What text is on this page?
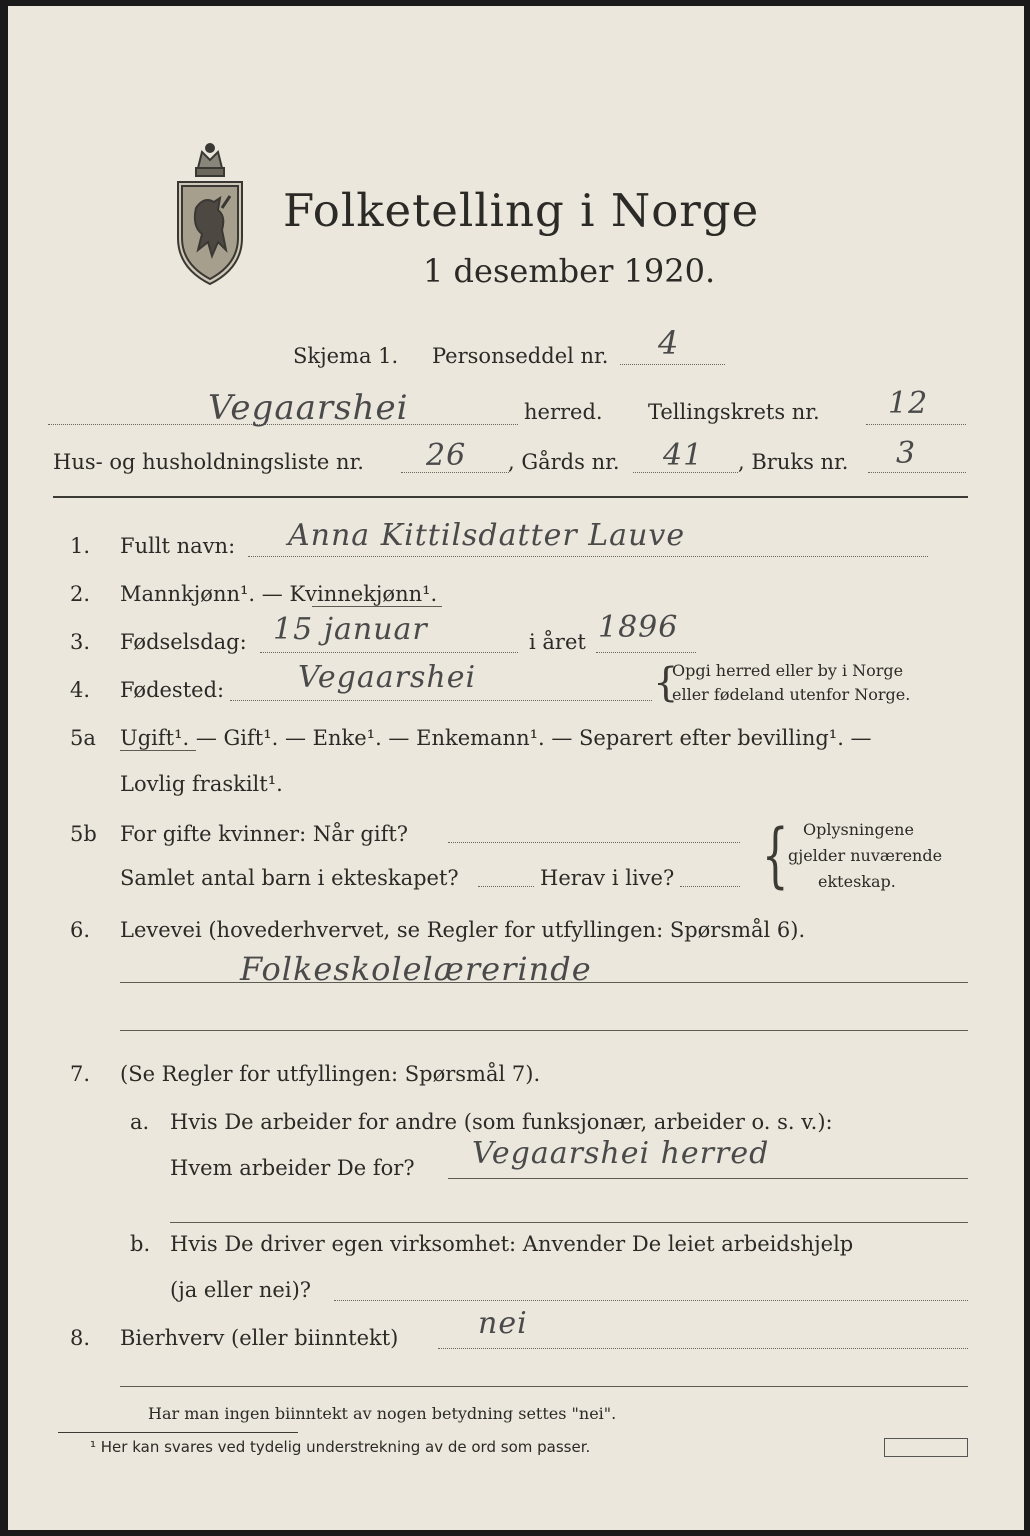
Folketelling i Norge
1 desember 1920.
Skjema 1. Personseddel nr. 4
Vegaarshei	herred. Tellingskrets nr. 12
Hus- og husholdningsliste nr. 26 , Gårds nr. 41 , Bruks nr. 3
1. Fullt navn: Anna Kittilsdatter Lauve
2. Mannkjønn¹. — Kvinnekjønn¹.
3. Fødselsdag: 15 januar	i året 1896
4. Fødested: Vegaarshei	{
Opgi herred eller by i Norge
eller fødeland utenfor Norge.
5a Ugift¹. — Gift¹. — Enke¹. — Enkemann¹. — Separert efter bevilling¹. —
Lovlig fraskilt¹.
5b For gifte kvinner: Når gift?
Samlet antal barn i ekteskapet?	Herav i live? { Oplysningene
gjelder nuværende
ekteskap.
6. Levevei (hovederhvervet, se Regler for utfyllingen: Spørsmål 6).
Folkeskolelærerinde
7. (Se Regler for utfyllingen: Spørsmål 7).
a. Hvis De arbeider for andre (som funksjonær, arbeider o. s. v.):
Hvem arbeider De for? Vegaarshei herred
b. Hvis De driver egen virksomhet: Anvender De leiet arbeidshjelp
(ja eller nei)?
8. Bierhverv (eller biinntekt)	nei
Har man ingen biinntekt av nogen betydning settes "nei".
¹ Her kan svares ved tydelig understrekning av de ord som passer.
